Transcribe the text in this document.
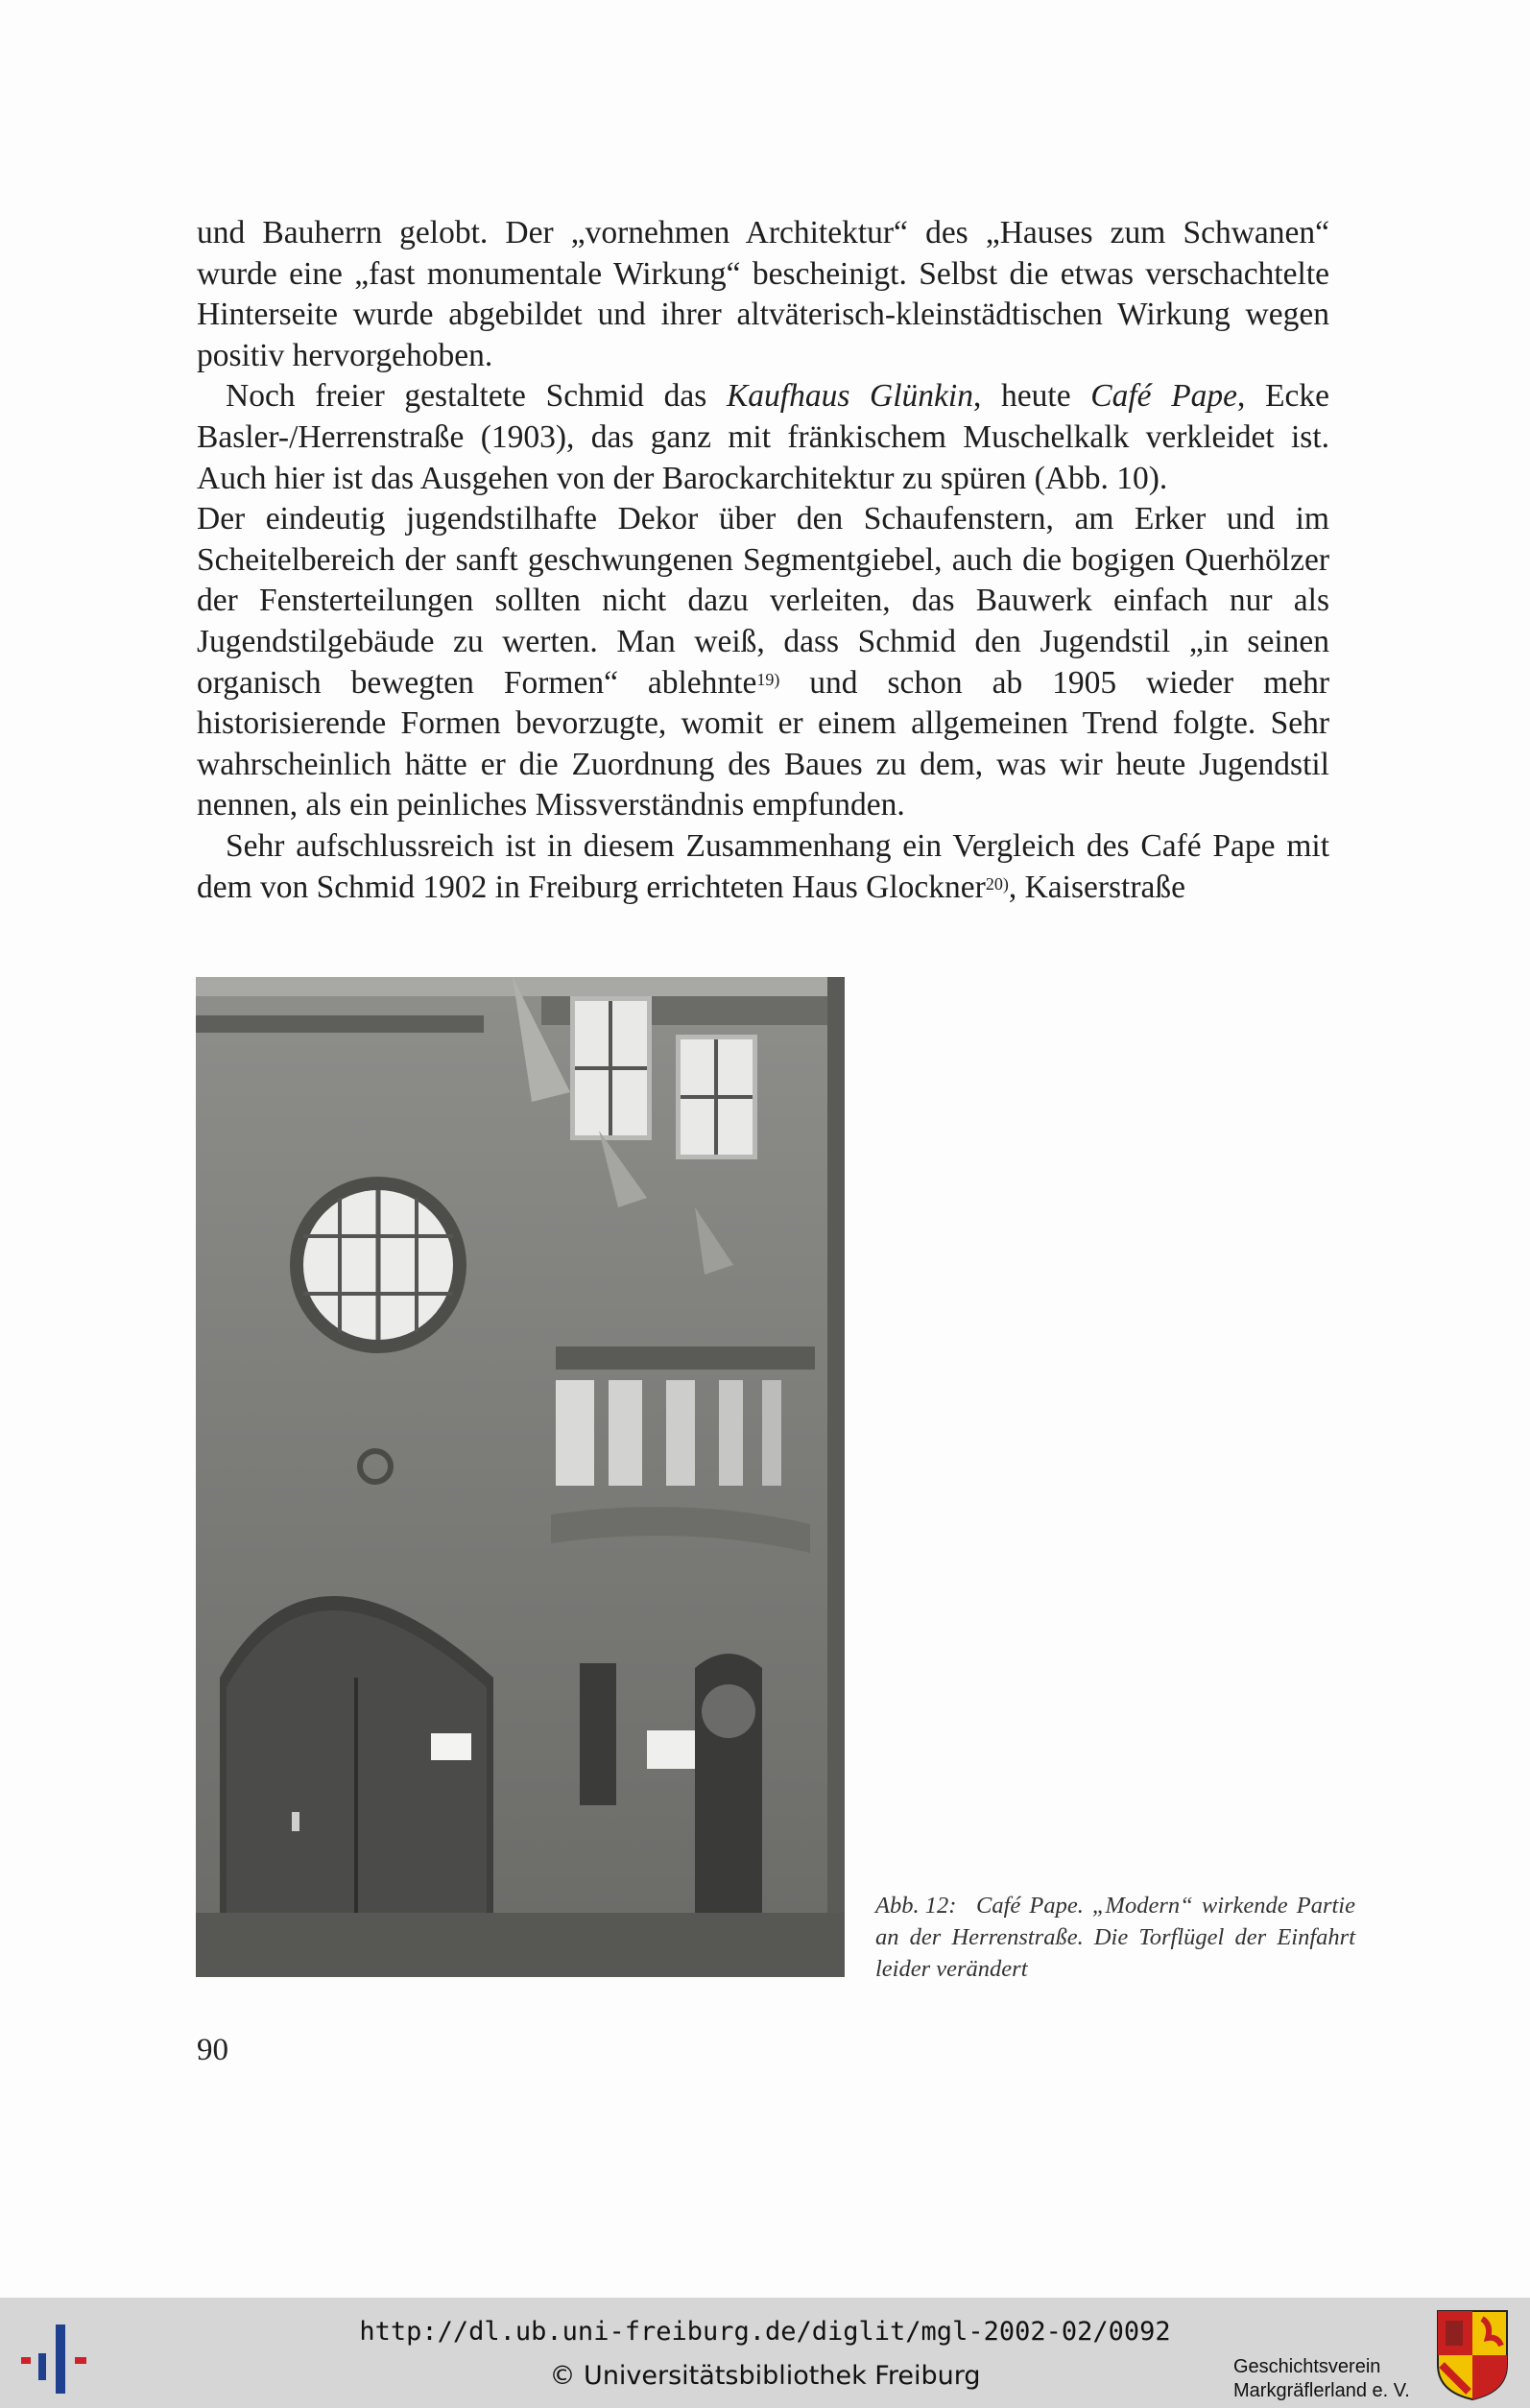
und Bauherrn gelobt. Der „vornehmen Architektur“ des „Hauses zum Schwanen“ wurde eine „fast monumentale Wirkung“ bescheinigt. Selbst die etwas verschachtelte Hinterseite wurde abgebildet und ihrer altväterisch-kleinstädtischen Wirkung wegen positiv hervorgehoben.

Noch freier gestaltete Schmid das Kaufhaus Glünkin, heute Café Pape, Ecke Basler-/Herrenstraße (1903), das ganz mit fränkischem Muschelkalk verkleidet ist. Auch hier ist das Ausgehen von der Barockarchitektur zu spüren (Abb. 10).

Der eindeutig jugendstilhafte Dekor über den Schaufenstern, am Erker und im Scheitelbereich der sanft geschwungenen Segmentgiebel, auch die bogigen Querhölzer der Fensterteilungen sollten nicht dazu verleiten, das Bauwerk einfach nur als Jugendstilgebäude zu werten. Man weiß, dass Schmid den Jugendstil „in seinen organisch bewegten Formen“ ablehnte$^{19)}$ und schon ab 1905 wieder mehr historisierende Formen bevorzugte, womit er einem allgemeinen Trend folgte. Sehr wahrscheinlich hätte er die Zuordnung des Baues zu dem, was wir heute Jugendstil nennen, als ein peinliches Missverständnis empfunden.

Sehr aufschlussreich ist in diesem Zusammenhang ein Vergleich des Café Pape mit dem von Schmid 1902 in Freiburg errichteten Haus Glockner$^{20)}$, Kaiserstraße

Abb. 12: Café Pape. „Modern“ wirkende Partie an der Herrenstraße. Die Torflügel der Einfahrt leider verändert
90
http://dl.ub.uni-freiburg.de/diglit/mgl-2002-02/0092
© Universitätsbibliothek Freiburg	Geschichtsverein
Markgräflerland e. V.
